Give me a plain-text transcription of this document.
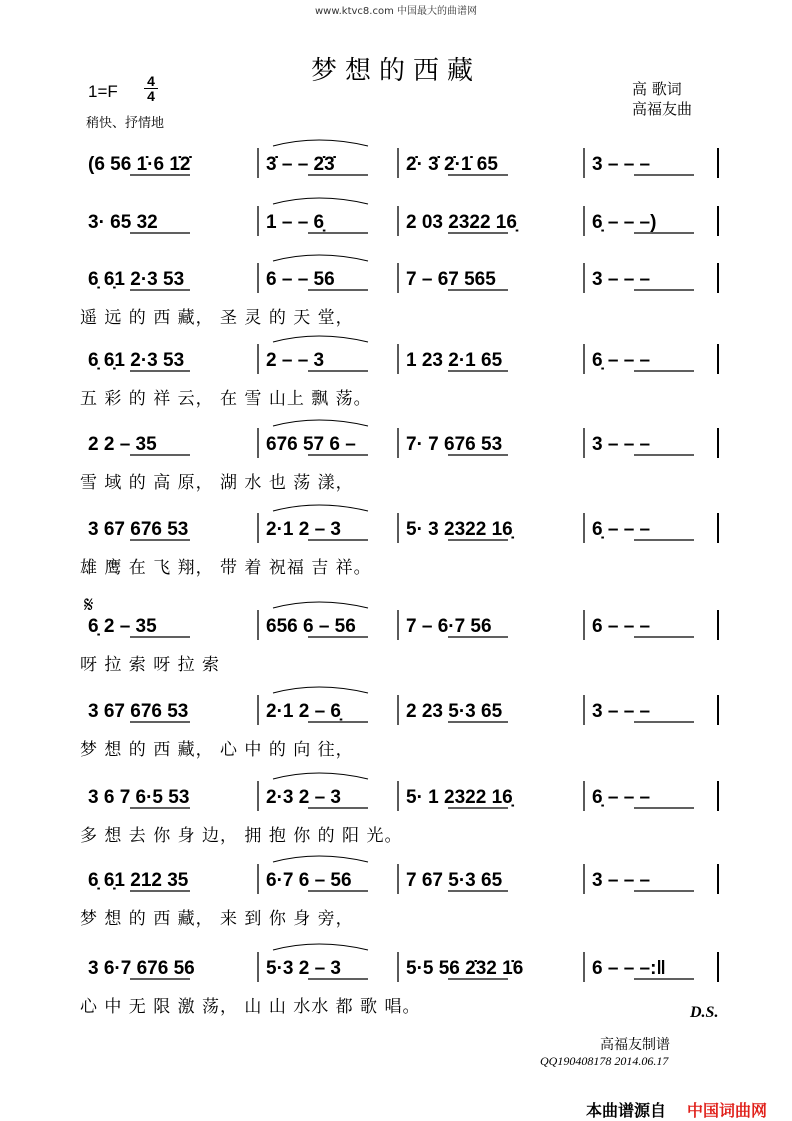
www.ktvc8.com 中国最大的曲谱网
梦想的西藏
1=F
4
4
稍快、抒情地
高 歌词
高福友曲
(6 56 1̇·6 1̇2̇	3̇ – – 2̇3̇	2̇· 3̇ 2̇·1̇ 65	3 – – –
3· 65 32	1 – – 6̣	2 03 2322 16̣	6̣ – – –)
6̣ 6̣1 2·3 53	6 – – 56	7 – 67 565	3 – – –
遥 远 的 西 藏， 圣 灵 的 天 堂，
6̣ 6̣1 2·3 53	2 – – 3	1 23 2·1 65	6̣ – – –
五 彩 的 祥 云， 在 雪 山上 飘 荡。
2 2 – 35	676 57 6 –	7· 7 676 53	3 – – –
雪 域 的 高 原， 湖 水 也 荡 漾，
3 67 676 53	2·1 2 – 3	5· 3 2322 16̣	6̣ – – –
雄 鹰 在 飞 翔， 带 着 祝福 吉 祥。
6̣ 2 – 35	656 6 – 56	7 – 6·7 56	6 – – –
呀 拉 索 呀 拉 索
3 67 676 53	2·1 2 – 6̣	2 23 5·3 65	3 – – –
梦 想 的 西 藏， 心 中 的 向 往，
3 6 7 6·5 53	2·3 2 – 3	5· 1 2322 16̣	6̣ – – –
多 想 去 你 身 边， 拥 抱 你 的 阳 光。
6̣ 6̣1 212 35	6·7 6 – 56	7 67 5·3 65	3 – – –
梦 想 的 西 藏， 来 到 你 身 旁，
3 6·7 676 56	5·3 2 – 3	5·5 56 2̇32 1̇6	6 – – –:‖
心 中 无 限 激 荡， 山 山 水水 都 歌 唱。
𝄋
D.S.
高福友制谱
QQ190408178 2014.06.17
本曲谱源自 中国词曲网
